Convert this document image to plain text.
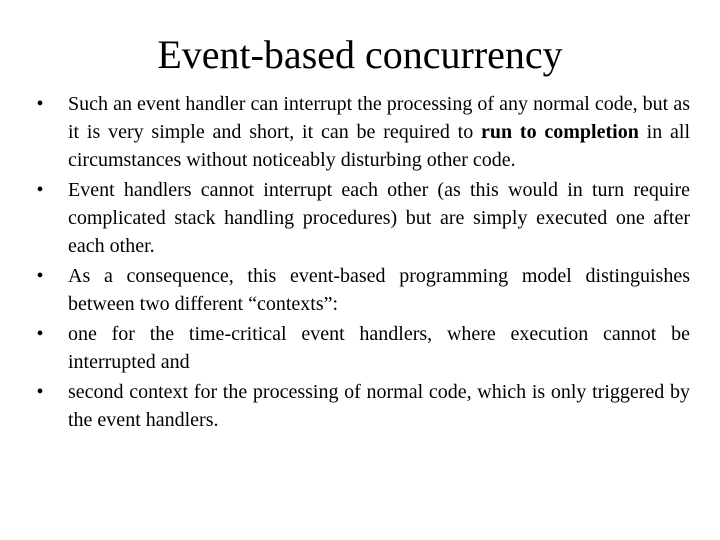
Event-based concurrency
•	Such an event handler can interrupt the processing of any normal code, but as it is very simple and short, it can be required to run to completion in all circumstances without noticeably disturbing other code.
•	Event handlers cannot interrupt each other (as this would in turn require complicated stack handling procedures) but are simply executed one after each other.
•	As a consequence, this event-based programming model distinguishes between two different “contexts”:
•	one for the time-critical event handlers, where execution cannot be interrupted and
•	second context for the processing of normal code, which is only triggered by the event handlers.
